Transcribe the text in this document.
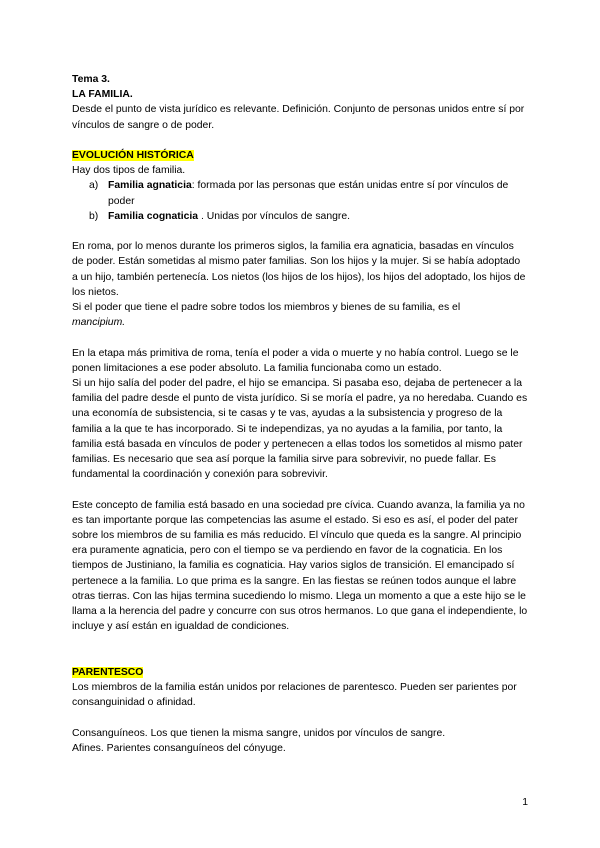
Tema 3.

LA FAMILIA.

Desde el punto de vista jurídico es relevante. Definición. Conjunto de personas unidos entre sí por vínculos de sangre o de poder.

EVOLUCIÓN HISTÓRICA

Hay dos tipos de familia.

a) Familia agnaticia: formada por las personas que están unidas entre sí por vínculos de poder
b) Familia cognaticia . Unidas por vínculos de sangre.

En roma, por lo menos durante los primeros siglos, la familia era agnaticia, basadas en vínculos de poder. Están sometidas al mismo pater familias. Son los hijos y la mujer. Si se había adoptado a un hijo, también pertenecía. Los nietos (los hijos de los hijos), los hijos del adoptado, los hijos de los nietos.

Si el poder que tiene el padre sobre todos los miembros y bienes de su familia, es el
mancipium.

En la etapa más primitiva de roma, tenía el poder a vida o muerte y no había control. Luego se le ponen limitaciones a ese poder absoluto. La familia funcionaba como un estado.

Si un hijo salía del poder del padre, el hijo se emancipa. Si pasaba eso, dejaba de pertenecer a la familia del padre desde el punto de vista jurídico. Si se moría el padre, ya no heredaba. Cuando es una economía de subsistencia, si te casas y te vas, ayudas a la subsistencia y progreso de la familia a la que te has incorporado. Si te independizas, ya no ayudas a la familia, por tanto, la familia está basada en vínculos de poder y pertenecen a ellas todos los sometidos al mismo pater familias. Es necesario que sea así porque la familia sirve para sobrevivir, no puede fallar. Es fundamental la coordinación y conexión para sobrevivir.

Este concepto de familia está basado en una sociedad pre cívica. Cuando avanza, la familia ya no es tan importante porque las competencias las asume el estado. Si eso es así, el poder del pater sobre los miembros de su familia es más reducido. El vínculo que queda es la sangre. Al principio era puramente agnaticia, pero con el tiempo se va perdiendo en favor de la cognaticia. En los tiempos de Justiniano, la familia es cognaticia. Hay varios siglos de transición. El emancipado sí pertenece a la familia. Lo que prima es la sangre. En las fiestas se reúnen todos aunque el labre otras tierras. Con las hijas termina sucediendo lo mismo. Llega un momento a que a este hijo se le llama a la herencia del padre y concurre con sus otros hermanos. Lo que gana el independiente, lo incluye y así están en igualdad de condiciones.

PARENTESCO

Los miembros de la familia están unidos por relaciones de parentesco. Pueden ser parientes por consanguinidad o afinidad.

Consanguíneos. Los que tienen la misma sangre, unidos por vínculos de sangre.

Afines. Parientes consanguíneos del cónyuge.

1
